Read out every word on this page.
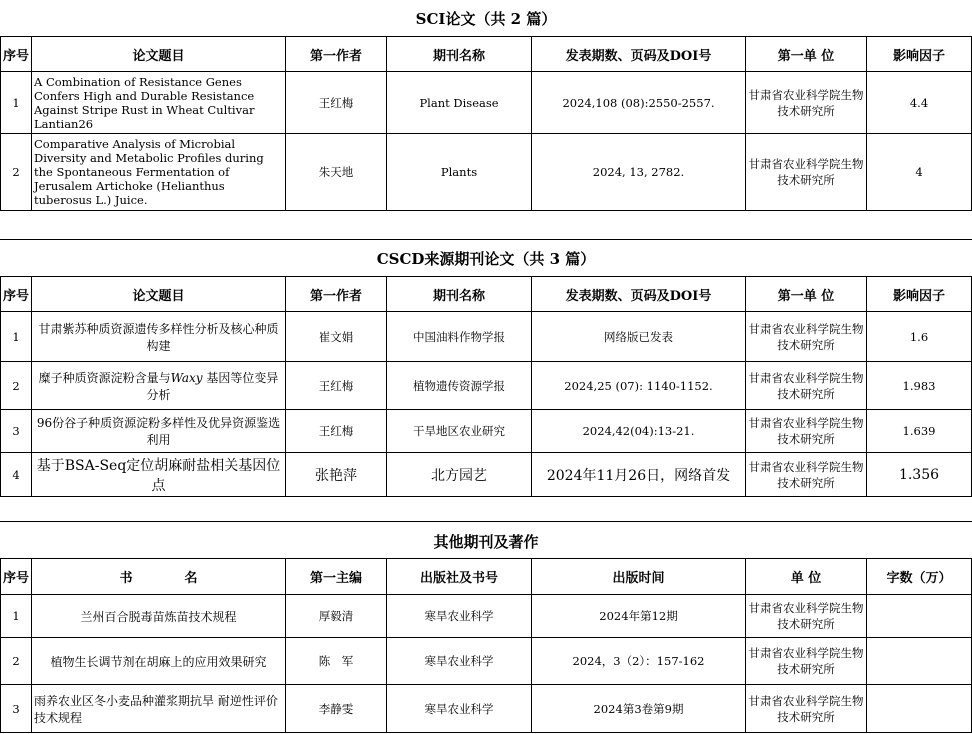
SCI论文（共 2 篇）
序号	论文题目	第一作者	期刊名称	发表期数、页码及DOI号	第一单 位	影响因子
1	A Combination of Resistance Genes Confers High and Durable Resistance Against Stripe Rust in Wheat Cultivar Lantian26	王红梅	Plant Disease	2024,108 (08):2550-2557.	甘肃省农业科学院生物技术研究所	4.4
2	Comparative Analysis of Microbial Diversity and Metabolic Profiles during the Spontaneous Fermentation of Jerusalem Artichoke (Helianthus tuberosus L.) Juice.	朱天地	Plants	2024, 13, 2782.	甘肃省农业科学院生物技术研究所	4
CSCD来源期刊论文（共 3 篇）
序号	论文题目	第一作者	期刊名称	发表期数、页码及DOI号	第一单 位	影响因子
1	甘肃紫苏种质资源遗传多样性分析及核心种质构建	崔文娟	中国油料作物学报	网络版已发表	甘肃省农业科学院生物技术研究所	1.6
2	糜子种质资源淀粉含量与Waxy 基因等位变异分析	王红梅	植物遗传资源学报	2024,25 (07): 1140-1152.	甘肃省农业科学院生物技术研究所	1.983
3	96份谷子种质资源淀粉多样性及优异资源鉴选利用	王红梅	干旱地区农业研究	2024,42(04):13-21.	甘肃省农业科学院生物技术研究所	1.639
4	基于BSA-Seq定位胡麻耐盐相关基因位点	张艳萍	北方园艺	2024年11月26日，网络首发	甘肃省农业科学院生物技术研究所	1.356
其他期刊及著作
序号	书　　　　名	第一主编	出版社及书号	出版时间	单 位	字数（万）
1	兰州百合脱毒苗炼苗技术规程	厚毅清	寒旱农业科学	2024年第12期	甘肃省农业科学院生物技术研究所	
2	植物生长调节剂在胡麻上的应用效果研究	陈　军	寒旱农业科学	2024，3（2）：157-162	甘肃省农业科学院生物技术研究所	
3	雨养农业区冬小麦品种灌浆期抗旱 耐逆性评价技术规程	李静雯	寒旱农业科学	2024第3卷第9期	甘肃省农业科学院生物技术研究所	
